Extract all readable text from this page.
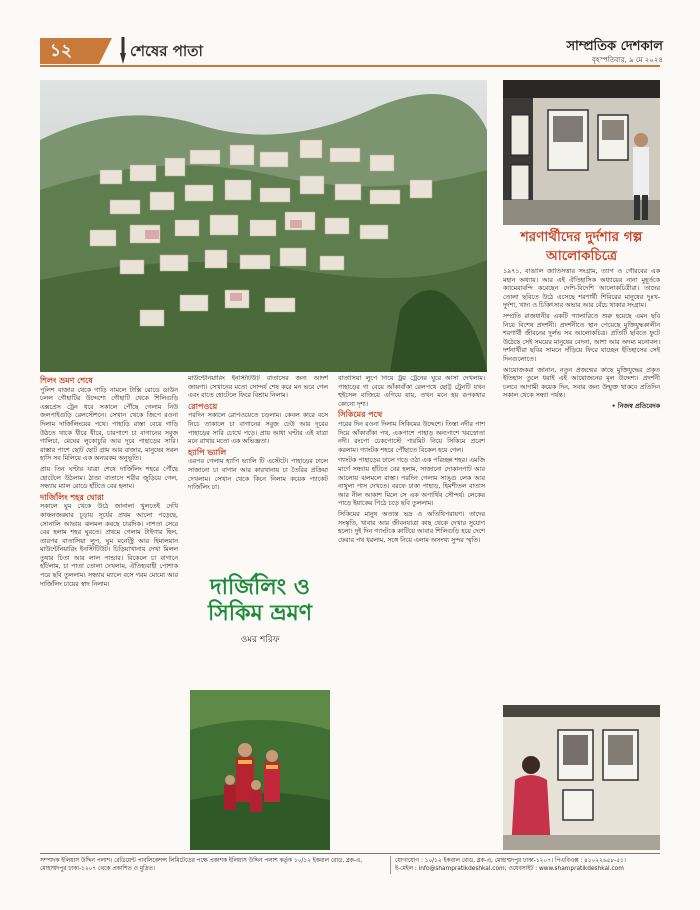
১২	শেষের পাতা	সাম্প্রতিক দেশকাল
বৃহস্পতিবার, ৯ মে ২০২৪
শিলং ভ্রমণ শেষে

পুলিশ বাজার থেকে গাড়ি নামলে টাক্সি রোডে ডাউন চলল গৌহাটির উদ্দেশ্যে গৌহাটি থেকে শিলিগুড়ি এক্সপ্রেস ট্রেন ধরে সকালে পৌঁছে গেলাম নিউ জলপাইগুড়ি রেলস্টেশনে। সেখান থেকে জিপে রওনা দিলাম দার্জিলিংয়ের পথে। পাহাড়ি রাস্তা বেয়ে গাড়ি উঠতে থাকে ধীরে ধীরে, চারপাশে চা বাগানের সবুজ গালিচা, মেঘের লুকোচুরি আর দূরে পাহাড়ের সারি। রাস্তার পাশে ছোট ছোট গ্রাম আর বাজার, মানুষের সরল হাসি সব মিলিয়ে এক অন্যরকম অনুভূতি।

প্রায় তিন ঘণ্টার যাত্রা শেষে দার্জিলিং শহরে পৌঁছে হোটেলে উঠলাম। ঠাণ্ডা বাতাসে শরীর জুড়িয়ে গেল, সন্ধ্যায় ম্যাল রোডে হাঁটতে বের হলাম।

দার্জিলিং শহর ঘোরা

সকালে ঘুম থেকে উঠে জানালা খুলতেই দেখি কাঞ্চনজঙ্ঘার চূড়ায় সূর্যের প্রথম আলো পড়েছে, সোনালি আভায় ঝলমল করছে চারদিক। নাশতা সেরে বের হলাম শহর ঘুরতে। প্রথমে গেলাম টাইগার হিল, তারপর বাতাসিয়া লুপ, ঘুম মনেস্ট্রি আর হিমালয়ান মাউন্টেনিয়ারিং ইনস্টিটিউট। চিড়িয়াখানায় দেখা মিলল তুষার চিতা আর লাল পান্ডার। বিকেলে চা বাগানে হাঁটলাম, চা পাতা তোলা দেখলাম, ঐতিহ্যবাহী পোশাক পরে ছবি তুললাম। সন্ধ্যায় ম্যালে বসে গরম মোমো আর দার্জিলিং চায়ের স্বাদ নিলাম।

মাউন্টেনিয়ারিং ইনস্টিটিউট বাতাসের জন্য আদর্শ জায়গা। সেখানের মতো সোন্দর্য শেষ করে মন ভরে গেল এবং রাতে হোটেলে ফিরে বিশ্রাম নিলাম।

রোপওয়ে

পরদিন সকালে রোপওয়েতে চড়লাম। কেবল কারে বসে নিচে তাকালে চা বাগানের সবুজ ঢেউ আর দূরের পাহাড়ের সারি চোখে পড়ে। প্রায় আধা ঘণ্টার এই যাত্রা মনে রাখার মতো এক অভিজ্ঞতা।

হ্যাপি ভ্যালি

এরপর গেলাম হ্যাপি ভ্যালি টি এস্টেটে। পাহাড়ের ঢালে সাজানো চা বাগান আর কারখানায় চা তৈরির প্রক্রিয়া দেখলাম। সেখান থেকে কিনে নিলাম কয়েক প্যাকেট দার্জিলিং চা।

দার্জিলিং ও সিকিম ভ্রমণ
ওমর শরিফ

বাতাসিয়া লুপে গিয়ে ট্রয় ট্রেনের ঘুরে আসা দেখলাম। পাহাড়ের গা বেয়ে আঁকাবাঁকা রেলপথে ছোট্ট ট্রেনটি যখন হুইসেল বাজিয়ে এগিয়ে যায়, তখন মনে হয় রূপকথার কোনো দৃশ্য।

সিকিমের পথে

পরের দিন রওনা দিলাম সিকিমের উদ্দেশে। তিস্তা নদীর পাশ দিয়ে আঁকাবাঁকা পথ, একপাশে পাহাড় অন্যপাশে খরস্রোতা নদী। রংপো চেকপোস্টে পারমিট নিয়ে সিকিমে প্রবেশ করলাম। গ্যাংটক শহরে পৌঁছাতে বিকেল হয়ে গেল।

গ্যাংটক পাহাড়ের ঢালে গড়ে ওঠা এক পরিচ্ছন্ন শহর। এমজি মার্গে সন্ধ্যায় হাঁটতে বের হলাম, সাজানো দোকানপাট আর আলোয় ঝলমলে রাস্তা। পরদিন গেলাম সাঙ্গু লেক আর নাথুলা পাস দেখতে। বরফে ঢাকা পাহাড়, হিমশীতল বাতাস আর নীল আকাশ মিলে সে এক অপার্থিব সৌন্দর্য। লেকের পাড়ে ইয়াকের পিঠে চড়ে ছবি তুললাম।

সিকিমের মানুষ অত্যন্ত ভদ্র ও অতিথিপরায়ণ। তাদের সংস্কৃতি, খাবার আর জীবনযাত্রা কাছ থেকে দেখার সুযোগ হলো। দুই দিন গ্যাংটকে কাটিয়ে আবার শিলিগুড়ি হয়ে দেশে ফেরার পথ ধরলাম, সঙ্গে নিয়ে এলাম অসংখ্য সুন্দর স্মৃতি।

শরণার্থীদের দুর্দশার গল্প আলোকচিত্রে

১৯৭১, বাঙালি জাতিসত্তার সংগ্রাম, ত্যাগ ও গৌরবের এক মহান অধ্যায়। আর এই ঐতিহাসিক অধ্যায়ের নানা মুহূর্তকে ক্যামেরাবন্দি করেছেন দেশি-বিদেশি আলোকচিত্রীরা। তাদের তোলা ছবিতে উঠে এসেছে শরণার্থী শিবিরের মানুষের দুঃখ-দুর্দশা, খাদ্য ও চিকিৎসার অভাব আর বেঁচে থাকার সংগ্রাম।

সম্প্রতি রাজধানীর একটি গ্যালারিতে শুরু হয়েছে এমন ছবি নিয়ে বিশেষ প্রদর্শনী। প্রদর্শনীতে স্থান পেয়েছে মুক্তিযুদ্ধকালীন শরণার্থী জীবনের দুর্লভ সব আলোকচিত্র। প্রতিটি ছবিতে ফুটে উঠেছে সেই সময়ের মানুষের বেদনা, আশা আর অদম্য মনোবল। দর্শনার্থীরা ছবির সামনে দাঁড়িয়ে ফিরে যাচ্ছেন ইতিহাসের সেই দিনগুলোতে।

আয়োজকরা জানান, নতুন প্রজন্মের কাছে মুক্তিযুদ্ধের প্রকৃত ইতিহাস তুলে ধরাই এই আয়োজনের মূল উদ্দেশ্য। প্রদর্শনী চলবে আগামী কয়েক দিন, সবার জন্য উন্মুক্ত থাকবে প্রতিদিন সকাল থেকে সন্ধ্যা পর্যন্ত।

• নিজস্ব প্রতিবেদক

সম্পাদক ইলিয়াস উদ্দিন পলাশ। রেডিয়েন্ট পাবলিকেশন্স লিমিটেডের পক্ষে প্রকাশক ইলিয়াস উদ্দিন পলাশ কর্তৃক ১০/১২ ইকবাল রোড, ব্লক-এ, মোহাম্মদপুর ঢাকা-১২০৭ থেকে প্রকাশিত ও মুদ্রিত।
যোগাযোগ : ১০/১২ ইকবাল রোড, ব্লক-এ, মোহাম্মদপুর ঢাকা-১২০৭। পিএবিএক্স : ৪১০২২৬৫৮-৫১।
ই-মেইল : info@shampratikdeshkal.com; ওয়েবসাইট : www.shampratikdeshkal.com
